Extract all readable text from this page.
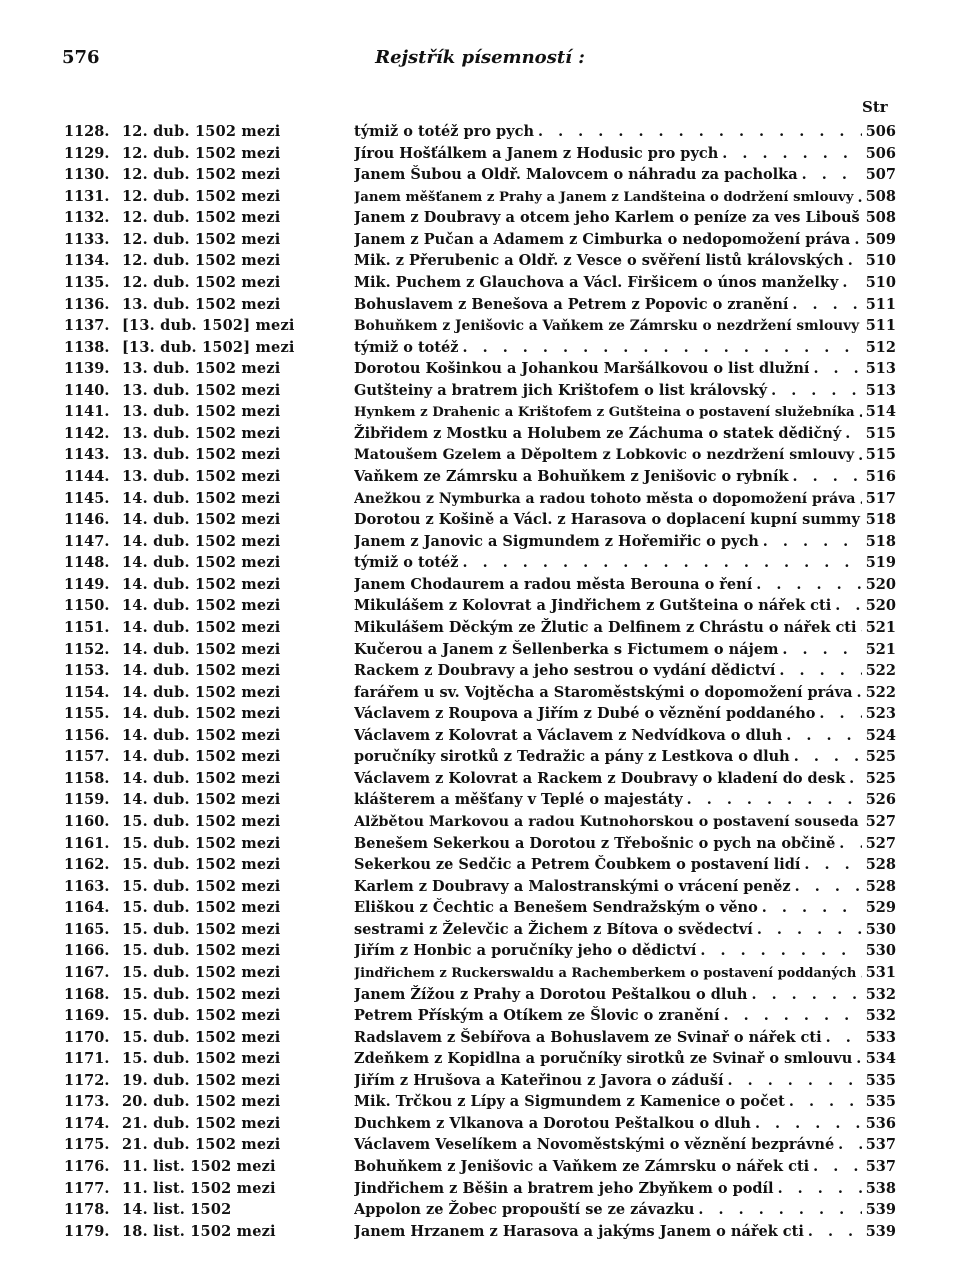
576	Rejstřík písemností :
Str
1128. 12. dub. 1502 mezi	týmiž o totéž pro pych . . .	506
1129. 12. dub. 1502 mezi	Jírou Hošťálkem a Janem z Hodusic pro pych . . .	506
1130. 12. dub. 1502 mezi	Janem Šubou a Oldř. Malovcem o náhradu za pacholka . . .	507
1131. 12. dub. 1502 mezi	Janem měšťanem z Prahy a Janem z Landšteina o dodržení smlouvy . . . 508
1132. 12. dub. 1502 mezi	Janem z Doubravy a otcem jeho Karlem o peníze za ves Libouš . . . 508
1133. 12. dub. 1502 mezi	Janem z Pučan a Adamem z Cimburka o nedopomožení práva . . . 509
1134. 12. dub. 1502 mezi	Mik. z Přerubenic a Oldř. z Vesce o svěření listů královských . . . 510
1135. 12. dub. 1502 mezi	Mik. Puchem z Glauchova a Václ. Firšicem o únos manželky . . . 510
1136. 13. dub. 1502 mezi	Bohuslavem z Benešova a Petrem z Popovic o zranění . . .	511
1137. [13. dub. 1502] mezi	Bohuňkem z Jenišovic a Vaňkem ze Zámrsku o nezdržení smlouvy . . . 511
1138. [13. dub. 1502] mezi	týmiž o totéž . . .	512
1139. 13. dub. 1502 mezi	Dorotou Košinkou a Johankou Maršálkovou o list dlužní . . .	513
1140. 13. dub. 1502 mezi	Gutšteiny a bratrem jich Krištofem o list královský . . .	513
1141. 13. dub. 1502 mezi	Hynkem z Drahenic a Krištofem z Gutšteina o postavení služebníka . . . 514
1142. 13. dub. 1502 mezi	Žibřidem z Mostku a Holubem ze Záchuma o statek dědičný . . . 515
1143. 13. dub. 1502 mezi	Matoušem Gzelem a Děpoltem z Lobkovic o nezdržení smlouvy . . . 515
1144. 13. dub. 1502 mezi	Vaňkem ze Zámrsku a Bohuňkem z Jenišovic o rybník . . .	516
1145. 14. dub. 1502 mezi	Anežkou z Nymburka a radou tohoto města o dopomožení práva . . . 517
1146. 14. dub. 1502 mezi	Dorotou z Košině a Václ. z Harasova o doplacení kupní summy . . . 518
1147. 14. dub. 1502 mezi	Janem z Janovic a Sigmundem z Hořemiřic o pych . . .	518
1148. 14. dub. 1502 mezi	týmiž o totéž . . .	519
1149. 14. dub. 1502 mezi	Janem Chodaurem a radou města Berouna o ření . . .	520
1150. 14. dub. 1502 mezi	Mikulášem z Kolovrat a Jindřichem z Gutšteina o nářek cti . . . 520
1151. 14. dub. 1502 mezi	Mikulášem Děckým ze Žlutic a Delfinem z Chrástu o nářek cti . . . 521
1152. 14. dub. 1502 mezi	Kučerou a Janem z Šellenberka s Fictumem o nájem . . .	521
1153. 14. dub. 1502 mezi	Rackem z Doubravy a jeho sestrou o vydání dědictví . . .	522
1154. 14. dub. 1502 mezi	farářem u sv. Vojtěcha a Staroměstskými o dopomožení práva . . . 522
1155. 14. dub. 1502 mezi	Václavem z Roupova a Jiřím z Dubé o věznění poddaného . . .	523
1156. 14. dub. 1502 mezi	Václavem z Kolovrat a Václavem z Nedvídkova o dluh . . .	524
1157. 14. dub. 1502 mezi	poručníky sirotků z Tedražic a pány z Lestkova o dluh . . .	525
1158. 14. dub. 1502 mezi	Václavem z Kolovrat a Rackem z Doubravy o kladení do desk . . . 525
1159. 14. dub. 1502 mezi	klášterem a měšťany v Teplé o majestáty . . .	526
1160. 15. dub. 1502 mezi	Alžbětou Markovou a radou Kutnohorskou o postavení souseda . . . 527
1161. 15. dub. 1502 mezi	Benešem Sekerkou a Dorotou z Třebošnic o pych na občině . . . 527
1162. 15. dub. 1502 mezi	Sekerkou ze Sedčic a Petrem Čoubkem o postavení lidí . . .	528
1163. 15. dub. 1502 mezi	Karlem z Doubravy a Malostranskými o vrácení peněz . . .	528
1164. 15. dub. 1502 mezi	Eliškou z Čechtic a Benešem Sendražským o věno . . .	529
1165. 15. dub. 1502 mezi	sestrami z Želevčic a Žichem z Bítova o svědectví . . .	530
1166. 15. dub. 1502 mezi	Jiřím z Honbic a poručníky jeho o dědictví . . .	530
1167. 15. dub. 1502 mezi	Jindřichem z Ruckerswaldu a Rachemberkem o postavení poddaných . . . 531
1168. 15. dub. 1502 mezi	Janem Žížou z Prahy a Dorotou Peštalkou o dluh . . .	532
1169. 15. dub. 1502 mezi	Petrem Příským a Otíkem ze Šlovic o zranění . . .	532
1170. 15. dub. 1502 mezi	Radslavem z Šebířova a Bohuslavem ze Svinař o nářek cti . . .	533
1171. 15. dub. 1502 mezi	Zdeňkem z Kopidlna a poručníky sirotků ze Svinař o smlouvu . . . 534
1172. 19. dub. 1502 mezi	Jiřím z Hrušova a Kateřinou z Javora o záduší . . .	535
1173. 20. dub. 1502 mezi	Mik. Trčkou z Lípy a Sigmundem z Kamenice o počet . . .	535
1174. 21. dub. 1502 mezi	Duchkem z Vlkanova a Dorotou Peštalkou o dluh . . .	536
1175. 21. dub. 1502 mezi	Václavem Veselíkem a Novoměstskými o věznění bezprávné . . . 537
1176. 11. list. 1502 mezi	Bohuňkem z Jenišovic a Vaňkem ze Zámrsku o nářek cti . . .	537
1177. 11. list. 1502 mezi	Jindřichem z Běšin a bratrem jeho Zbyňkem o podíl . . .	538
1178. 14. list. 1502	Appolon ze Žobec propouští se ze závazku . . .	539
1179. 18. list. 1502 mezi	Janem Hrzanem z Harasova a jakýms Janem o nářek cti . . .	539
